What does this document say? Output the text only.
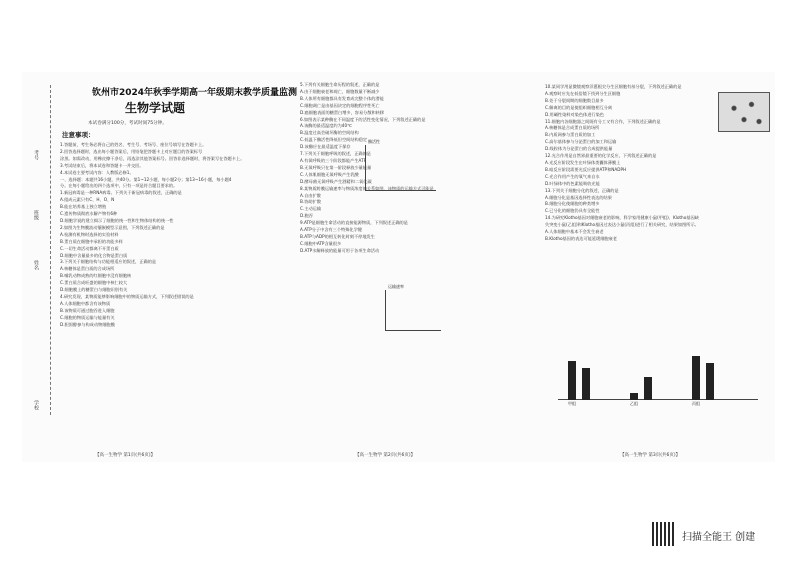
考号
姓名
班级
学校
钦州市2024年秋季学期高一年级期末教学质量监测
生物学试题
本试卷满分100分，考试时间75分钟。
注意事项：

1.答题前，考生务必将自己的姓名、考生号、考场号、座位号填写在答题卡上。

2.回答选择题时，选出每小题答案后，用铅笔把答题卡上对应题目的答案标号

涂黑。如需改动，用橡皮擦干净后，再选涂其他答案标号。回答非选择题时，将答案写在答题卡上。

3.考试结束后，将本试卷和答题卡一并交回。

4.本试卷主要考试内容：人教版必修1。

一、选择题：本题共16小题，共40分。第1~12小题，每小题2分；第13~16小题，每小题4

分。在每小题给出的四个选项中，只有一项是符合题目要求的。

1.新冠病毒是一种RNA病毒。下列关于新冠病毒的叙述，正确的是

A.组成元素只有C、H、O、N

B.能在培养基上独立增殖

C.遗传物质彻底水解产物有6种

D.细胞学说的建立揭示了细胞的统一性和生物体结构的统一性

2.如图为生物膜流动镶嵌模型示意图，下列叙述正确的是

A.检测有机物时选择的实验材料

B.蛋白质在细胞中承担的功能多样

C.一切生命活动都离不开蛋白质

D.细胞中含量最多的化合物是蛋白质

3.下列关于细胞结构与功能相适应的叙述，正确的是

A.核糖体是蛋白质的合成场所

B.哺乳动物成熟的红细胞中没有细胞核

C.蛋白质合成旺盛的细胞中核仁较大

D.细胞膜上的糖蛋白与细胞识别有关

4.研究发现，某物质能够影响细胞中的物质运输方式，下列叙述错误的是

A.人体细胞中都含有该物质

B.该物质可通过胞吞进入细胞

C.细胞的物质运输与能量有关

D.胆固醇参与构成动物细胞膜

5.下列有关细胞生命历程的叙述，正确的是

A.由于细胞衰老和凋亡，细胞数量不断减少

B.人体所有细胞都具有发育成完整个体的潜能

C.细胞凋亡是由基因决定的细胞程序性死亡

D.癌细胞表面的糖蛋白增多，容易分散和转移

6.如图表示某种酶在不同温度下的活性变化情况，下列叙述正确的是

A.该酶的最适温度约为40℃

B.温度过高会破坏酶的空间结构

C.低温下酶活性降低但空间结构稳定

D.该酶应在最适温度下保存

7.下列关于细胞呼吸的叙述，正确的是

A.有氧呼吸的三个阶段都能产生ATP

B.无氧呼吸只在第一阶段释放少量能量

C.人体肌细胞无氧呼吸产生乳酸

D.酵母菌无氧呼吸产生酒精和二氧化碳

8.某物质跨膜运输速率与物质浓度的关系如图，该物质的运输方式可能是

A.自由扩散

B.协助扩散

C.主动运输

D.胞吞

9.ATP是细胞生命活动的直接能源物质，下列叙述正确的是

A.ATP分子中含有三个特殊化学键

B.ATP与ADP的相互转化时刻不停地发生

C.细胞中ATP含量很多

D.ATP水解释放的能量可用于各项生命活动

10.某同学用显微镜观察洋葱根尖分生区细胞有丝分裂，下列叙述正确的是

A.观察时应先在低倍镜下找到分生区细胞

B.处于分裂间期的细胞数目最多

C.解离的目的是使组织细胞相互分离

D.用碱性染料对染色体进行染色

11.细胞内各细胞器之间既有分工又有合作，下列叙述正确的是

A.核糖体是合成蛋白质的场所

B.内质网参与蛋白质的加工

C.高尔基体参与分泌蛋白的加工和运输

D.线粒体为分泌蛋白的合成提供能量

12.光合作用是自然界最重要的化学反应，下列叙述正确的是

A.光反应阶段发生在叶绿体类囊体薄膜上

B.暗反应阶段需要光反应提供ATP和NADPH

C.光合作用产生的氧气来自水

D.叶绿体中的色素能吸收光能

13.下列关于细胞分化的叙述，正确的是

A.细胞分化是基因选择性表达的结果

B.细胞分化使细胞的种类增多

C.已分化的细胞仍具有全能性

14.为研究Klotho基因对细胞衰老的影响，科学家用健康小鼠(甲组)、Klotho基因缺

失突变小鼠(乙组)和Klotho基因过表达小鼠(丙组)进行了相关研究，结果如图所示。

A.人体细胞中基本不会发生衰老

B.Klotho基因的表达可能延缓细胞衰老

酶活性
运输速率
甲组	乙组	丙组
【高一生物学 第1页(共6页)】	【高一生物学 第2页(共6页)】	【高一生物学 第3页(共6页)】
扫描全能王 创建
